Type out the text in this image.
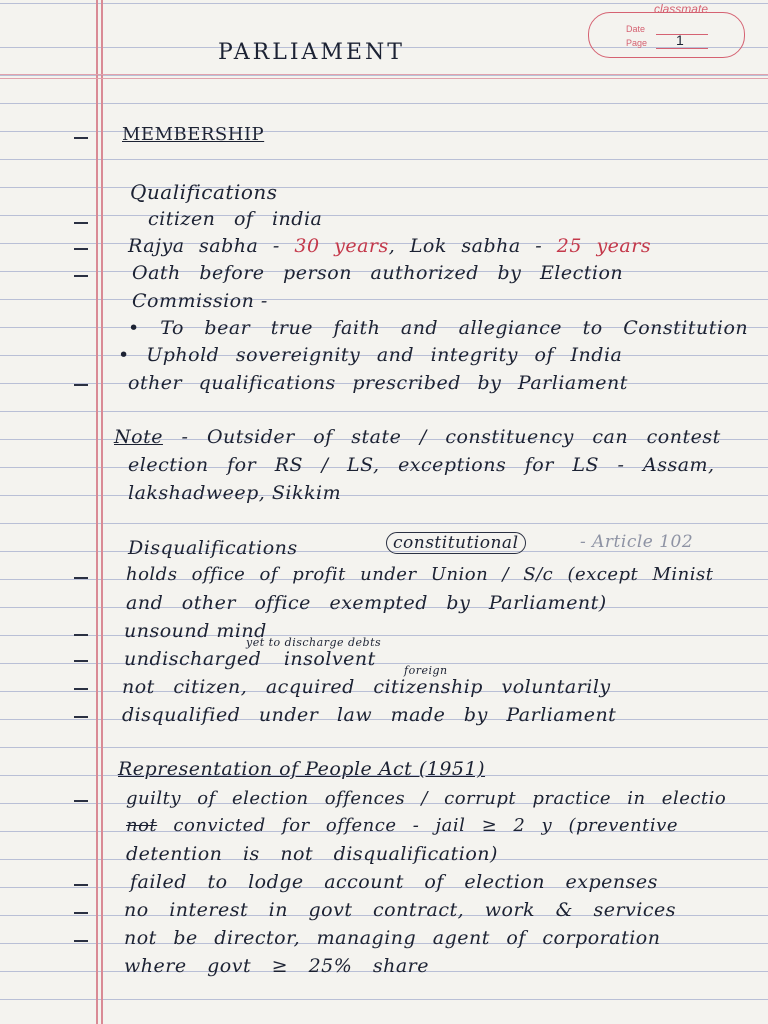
classmate
Date
Page 1
PARLIAMENT
MEMBERSHIP
Qualifications
citizen of india
Rajya sabha - 30 years, Lok sabha - 25 years
Oath before person authorized by Election
Commission -
• To bear true faith and allegiance to Constitution
• Uphold sovereignity and integrity of India
other qualifications prescribed by Parliament
Note - Outsider of state / constituency can contest
election for RS / LS, exceptions for LS - Assam,
lakshadweep, Sikkim
Disqualifications	constitutional	- Article 102
holds office of profit under Union / S/c (except Minist
and other office exempted by Parliament)
unsound mind
yet to discharge debts
undischarged insolvent
foreign
not citizen, acquired citizenship voluntarily
disqualified under law made by Parliament
Representation of People Act (1951)
guilty of election offences / corrupt practice in electio
not convicted for offence - jail ≥ 2 y (preventive
detention is not disqualification)
failed to lodge account of election expenses
no interest in govt contract, work & services
not be director, managing agent of corporation
where govt ≥ 25% share
